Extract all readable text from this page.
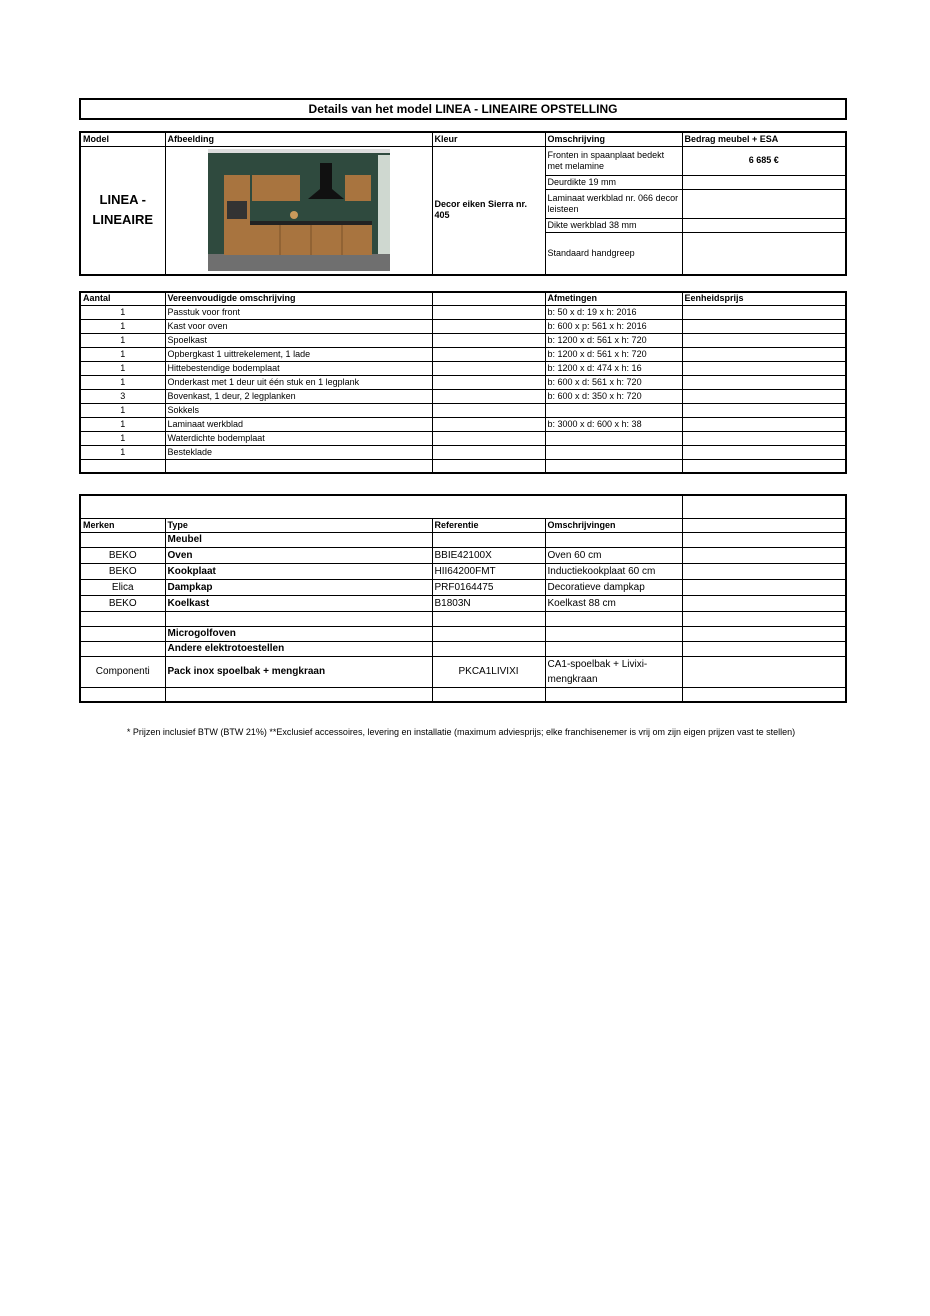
Details van het model LINEA - LINEAIRE OPSTELLING
Model	Afbeelding	Kleur	Omschrijving	Bedrag meubel + ESA
LINEA - LINEAIRE		Decor eiken Sierra nr. 405	Fronten in spaanplaat bedekt met melamine	6 685 €
			Deurdikte 19 mm	
			Laminaat werkblad nr. 066 decor leisteen	
			Dikte werkblad 38 mm	
			Standaard handgreep	
Aantal	Vereenvoudigde omschrijving		Afmetingen	Eenheidsprijs
1	Passtuk voor front		b: 50 x d: 19 x h: 2016	
1	Kast voor oven		b: 600 x p: 561 x h: 2016	
1	Spoelkast		b: 1200 x d: 561 x h: 720	
1	Opbergkast 1 uittrekelement, 1 lade		b: 1200 x d: 561 x h: 720	
1	Hittebestendige bodemplaat		b: 1200 x d: 474 x h: 16	
1	Onderkast met 1 deur uit één stuk en 1 legplank		b: 600 x d: 561 x h: 720	
3	Bovenkast, 1 deur, 2 legplanken		b: 600 x d: 350 x h: 720	
1	Sokkels			
1	Laminaat werkblad		b: 3000 x d: 600 x h: 38	
1	Waterdichte bodemplaat			
1	Besteklade			

Merken	Type	Referentie	Omschrijvingen	
	Meubel			
BEKO	Oven	BBIE42100X	Oven 60 cm	
BEKO	Kookplaat	HII64200FMT	Inductiekookplaat 60 cm	
Elica	Dampkap	PRF0164475	Decoratieve dampkap	
BEKO	Koelkast	B1803N	Koelkast 88 cm	

	Microgolfoven			
	Andere elektrotoestellen			
Componenti	Pack inox spoelbak + mengkraan	PKCA1LIVIXI	CA1-spoelbak + Livixi-mengkraan	

* Prijzen inclusief BTW (BTW 21%) **Exclusief accessoires, levering en installatie (maximum adviesprijs; elke franchisenemer is vrij om zijn eigen prijzen vast te stellen)
